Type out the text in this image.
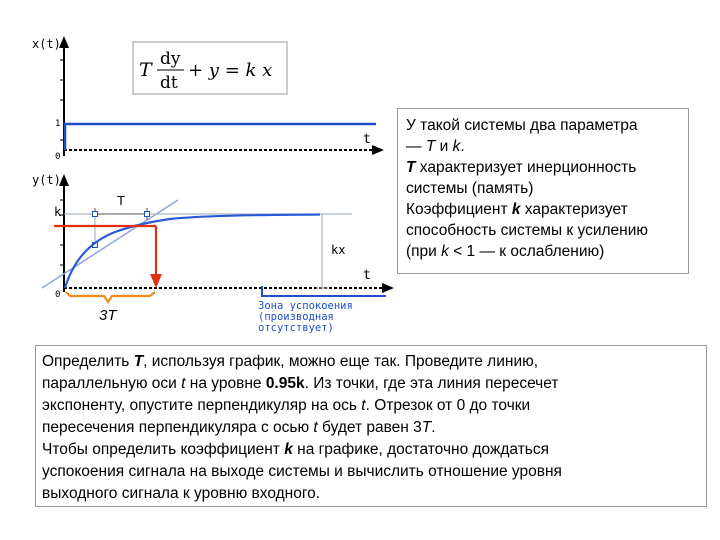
x(t)
1
0
t
T dy
dt
+ y = k x
y(t)
k
T
kx
0
t
3T
Зона успокоения
(производная
отсутствует)

У такой системы два параметра

— T и k.

T характеризует инерционность

системы (память)

Коэффициент k характеризует

способность системы к усилению

(при k < 1 — к ослаблению)

Определить T, используя график, можно еще так. Проведите линию,

параллельную оси t на уровне 0.95k. Из точки, где эта линия пересечет

экспоненту, опустите перпендикуляр на ось t. Отрезок от 0 до точки

пересечения перпендикуляра с осью t будет равен 3T.

Чтобы определить коэффициент k на графике, достаточно дождаться

успокоения сигнала на выходе системы и вычислить отношение уровня

выходного сигнала к уровню входного.
